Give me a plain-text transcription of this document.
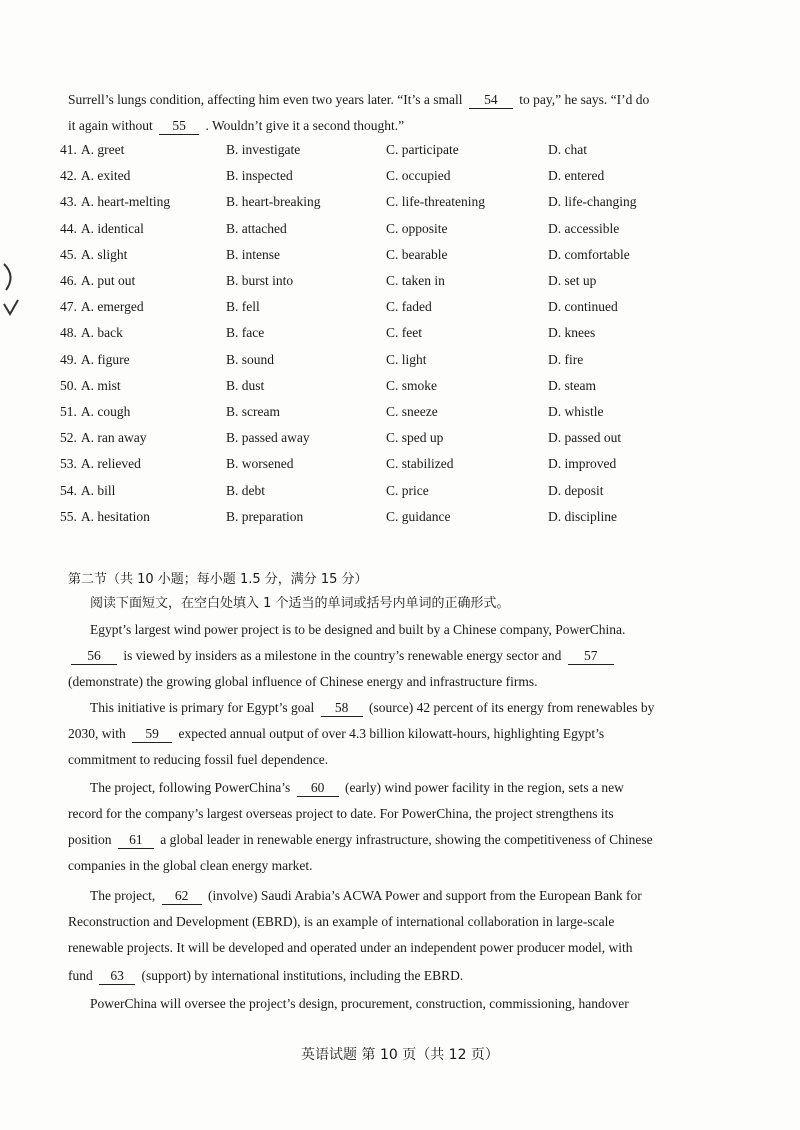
Surrell’s lungs condition, affecting him even two years later. “It’s a small 54 to pay,” he says. “I’d do
it again without 55 . Wouldn’t give it a second thought.”
41. A. greet	B. investigate	C. participate	D. chat
42. A. exited	B. inspected	C. occupied	D. entered
43. A. heart-melting	B. heart-breaking	C. life-threatening	D. life-changing
44. A. identical	B. attached	C. opposite	D. accessible
45. A. slight	B. intense	C. bearable	D. comfortable
46. A. put out	B. burst into	C. taken in	D. set up
47. A. emerged	B. fell	C. faded	D. continued
48. A. back	B. face	C. feet	D. knees
49. A. figure	B. sound	C. light	D. fire
50. A. mist	B. dust	C. smoke	D. steam
51. A. cough	B. scream	C. sneeze	D. whistle
52. A. ran away	B. passed away	C. sped up	D. passed out
53. A. relieved	B. worsened	C. stabilized	D. improved
54. A. bill	B. debt	C. price	D. deposit
55. A. hesitation	B. preparation	C. guidance	D. discipline
第二节（共 10 小题；每小题 1.5 分，满分 15 分）
阅读下面短文，在空白处填入 1 个适当的单词或括号内单词的正确形式。
Egypt’s largest wind power project is to be designed and built by a Chinese company, PowerChina.
56 is viewed by insiders as a milestone in the country’s renewable energy sector and 57
(demonstrate) the growing global influence of Chinese energy and infrastructure firms.
This initiative is primary for Egypt’s goal 58 (source) 42 percent of its energy from renewables by
2030, with 59 expected annual output of over 4.3 billion kilowatt-hours, highlighting Egypt’s
commitment to reducing fossil fuel dependence.
The project, following PowerChina’s 60 (early) wind power facility in the region, sets a new
record for the company’s largest overseas project to date. For PowerChina, the project strengthens its
position 61 a global leader in renewable energy infrastructure, showing the competitiveness of Chinese
companies in the global clean energy market.
The project, 62 (involve) Saudi Arabia’s ACWA Power and support from the European Bank for
Reconstruction and Development (EBRD), is an example of international collaboration in large-scale
renewable projects. It will be developed and operated under an independent power producer model, with
fund 63 (support) by international institutions, including the EBRD.
PowerChina will oversee the project’s design, procurement, construction, commissioning, handover
英语试题 第 10 页（共 12 页）
